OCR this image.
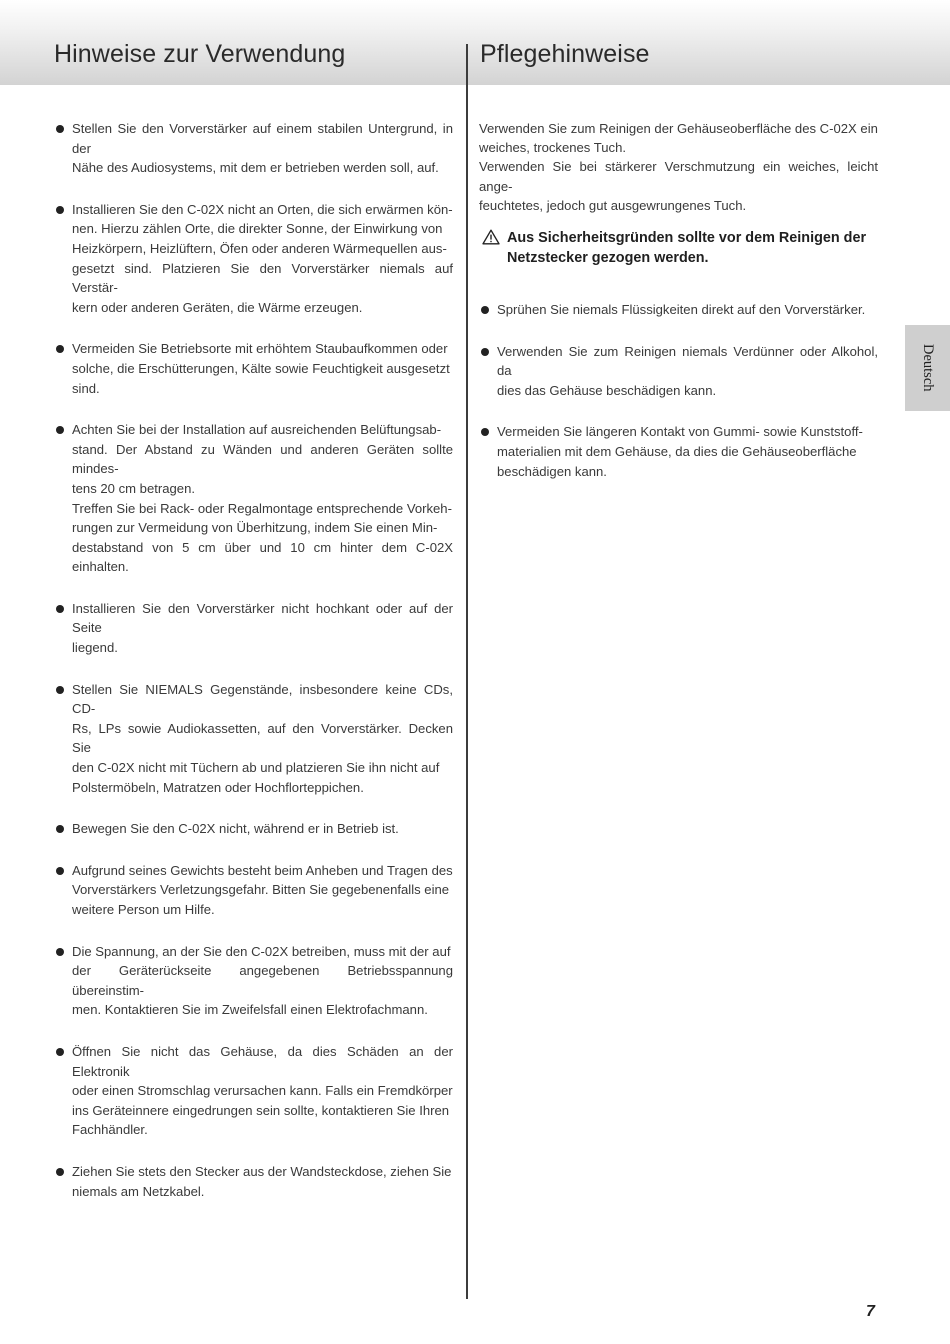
Hinweise zur Verwendung	Pflegehinweise
Stellen Sie den Vorverstärker auf einem stabilen Untergrund, in der
Nähe des Audiosystems, mit dem er betrieben werden soll, auf.
Installieren Sie den C-02X nicht an Orten, die sich erwärmen kön-
nen. Hierzu zählen Orte, die direkter Sonne, der Einwirkung von
Heizkörpern, Heizlüftern, Öfen oder anderen Wärmequellen aus-
gesetzt sind. Platzieren Sie den Vorverstärker niemals auf Verstär-
kern oder anderen Geräten, die Wärme erzeugen.
Vermeiden Sie Betriebsorte mit erhöhtem Staubaufkommen oder
solche, die Erschütterungen, Kälte sowie Feuchtigkeit ausgesetzt
sind.
Achten Sie bei der Installation auf ausreichenden Belüftungsab-
stand. Der Abstand zu Wänden und anderen Geräten sollte mindes-
tens 20 cm betragen.
Treffen Sie bei Rack- oder Regalmontage entsprechende Vorkeh-
rungen zur Vermeidung von Überhitzung, indem Sie einen Min-
destabstand von 5 cm über und 10 cm hinter dem C-02X einhalten.
Installieren Sie den Vorverstärker nicht hochkant oder auf der Seite
liegend.
Stellen Sie NIEMALS Gegenstände, insbesondere keine CDs, CD-
Rs, LPs sowie Audiokassetten, auf den Vorverstärker. Decken Sie
den C-02X nicht mit Tüchern ab und platzieren Sie ihn nicht auf
Polstermöbeln, Matratzen oder Hochflorteppichen.
Bewegen Sie den C-02X nicht, während er in Betrieb ist.
Aufgrund seines Gewichts besteht beim Anheben und Tragen des
Vorverstärkers Verletzungsgefahr. Bitten Sie gegebenenfalls eine
weitere Person um Hilfe.
Die Spannung, an der Sie den C-02X betreiben, muss mit der auf
der Geräterückseite angegebenen Betriebsspannung übereinstim-
men. Kontaktieren Sie im Zweifelsfall einen Elektrofachmann.
Öffnen Sie nicht das Gehäuse, da dies Schäden an der Elektronik
oder einen Stromschlag verursachen kann. Falls ein Fremdkörper
ins Geräteinnere eingedrungen sein sollte, kontaktieren Sie Ihren
Fachhändler.
Ziehen Sie stets den Stecker aus der Wandsteckdose, ziehen Sie
niemals am Netzkabel.

Verwenden Sie zum Reinigen der Gehäuseoberfläche des C-02X ein
weiches, trockenes Tuch.
Verwenden Sie bei stärkerer Verschmutzung ein weiches, leicht ange-
feuchtetes, jedoch gut ausgewrungenes Tuch.

Aus Sicherheitsgründen sollte vor dem Reinigen der
Netzstecker gezogen werden.
Sprühen Sie niemals Flüssigkeiten direkt auf den Vorverstärker.
Verwenden Sie zum Reinigen niemals Verdünner oder Alkohol, da
dies das Gehäuse beschädigen kann.
Vermeiden Sie längeren Kontakt von Gummi- sowie Kunststoff-
materialien mit dem Gehäuse, da dies die Gehäuseoberfläche
beschädigen kann.
Deutsch
7
